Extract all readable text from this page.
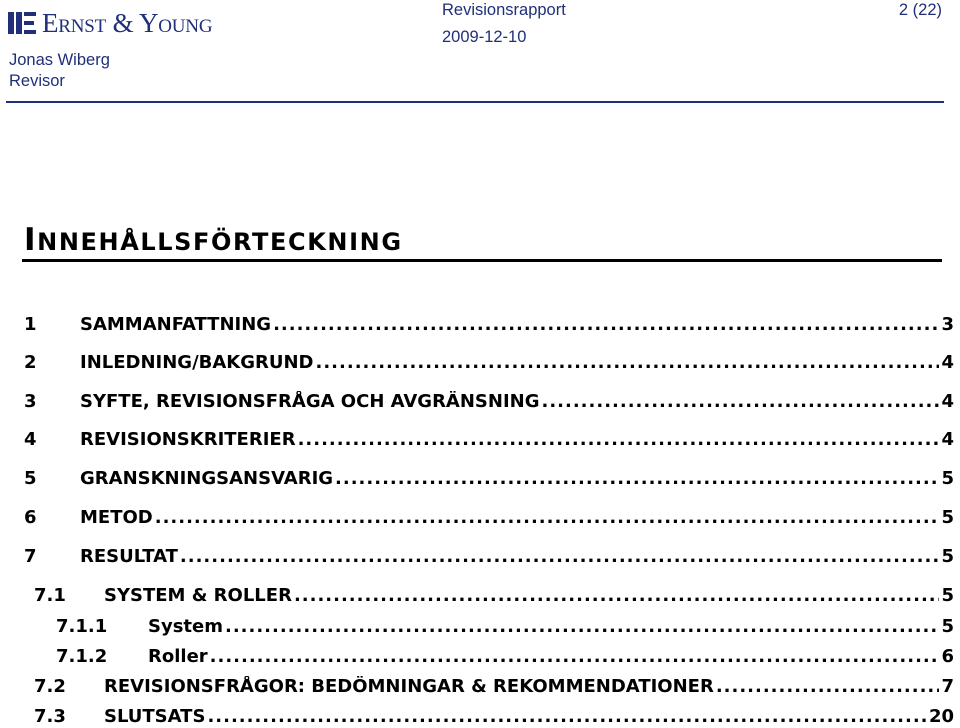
Ernst & Young
Jonas Wiberg
Revisor
Revisionsrapport
2009-12-10
2 (22)
INNEHÅLLSFÖRTECKNING
1	SAMMANFATTNING .....	3
2	INLEDNING/BAKGRUND .....	4
3	SYFTE, REVISIONSFRÅGA OCH AVGRÄNSNING .....	4
4	REVISIONSKRITERIER .....	4
5	GRANSKNINGSANSVARIG .....	5
6	METOD .....	5
7	RESULTAT .....	5
7.1	SYSTEM & ROLLER .....	5
7.1.1	System .....	5
7.1.2	Roller .....	6
7.2	REVISIONSFRÅGOR: BEDÖMNINGAR & REKOMMENDATIONER .....	7
7.3	SLUTSATS .....	20
